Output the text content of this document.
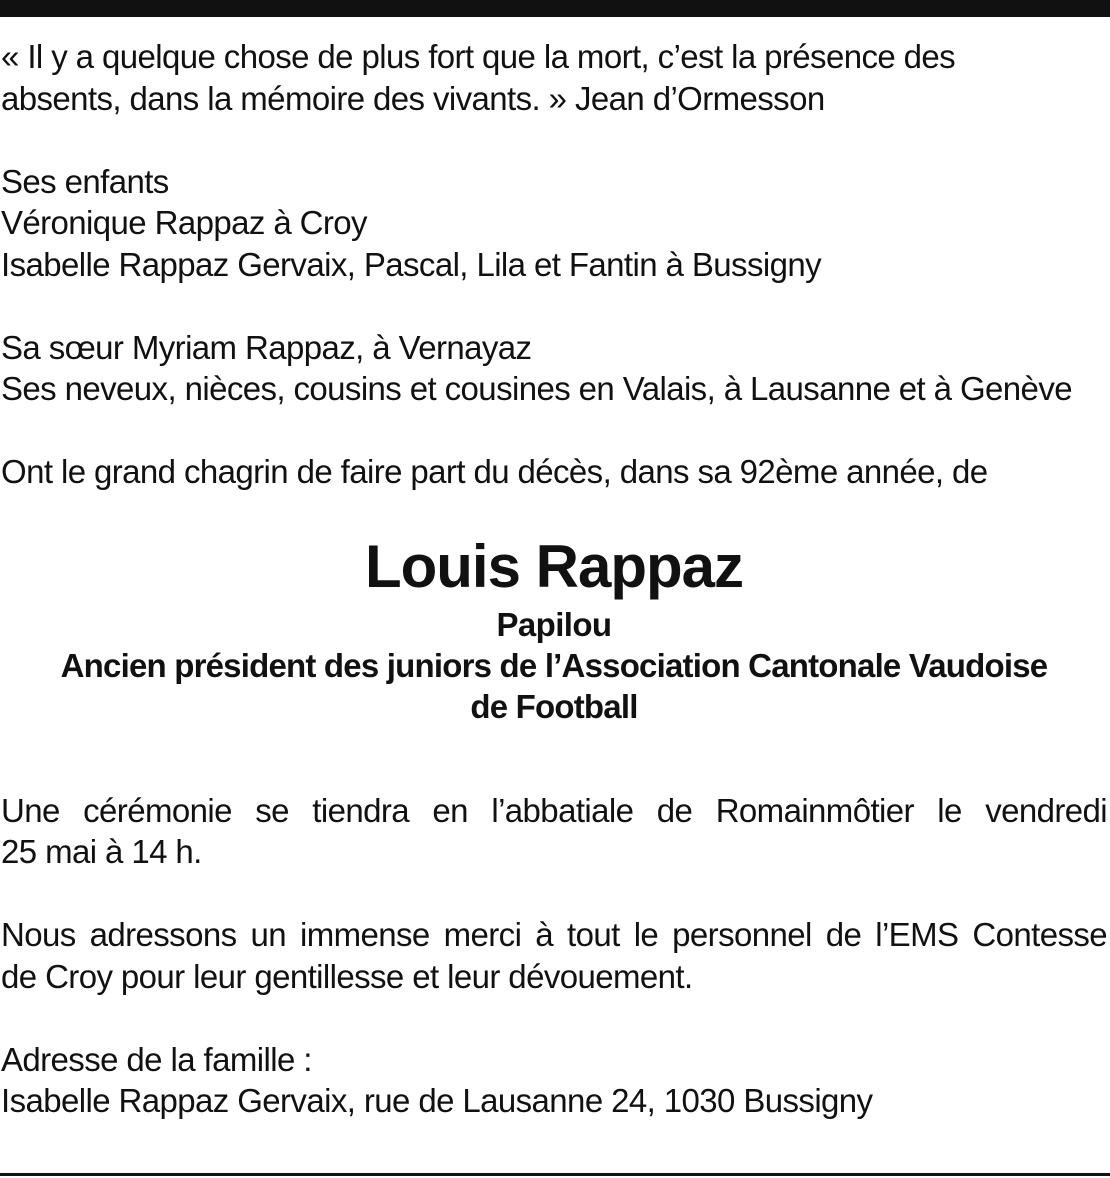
« Il y a quelque chose de plus fort que la mort, c’est la présence des
absents, dans la mémoire des vivants. » Jean d’Ormesson
Ses enfants
Véronique Rappaz à Croy
Isabelle Rappaz Gervaix, Pascal, Lila et Fantin à Bussigny
Sa sœur Myriam Rappaz, à Vernayaz
Ses neveux, nièces, cousins et cousines en Valais, à Lausanne et à Genève
Ont le grand chagrin de faire part du décès, dans sa 92ème année, de
Louis Rappaz
Papilou
Ancien président des juniors de l’Association Cantonale Vaudoise
de Football
Une cérémonie se tiendra en l’abbatiale de Romainmôtier le vendredi
25 mai à 14 h.
Nous adressons un immense merci à tout le personnel de l’EMS Contesse
de Croy pour leur gentillesse et leur dévouement.
Adresse de la famille :
Isabelle Rappaz Gervaix, rue de Lausanne 24, 1030 Bussigny
